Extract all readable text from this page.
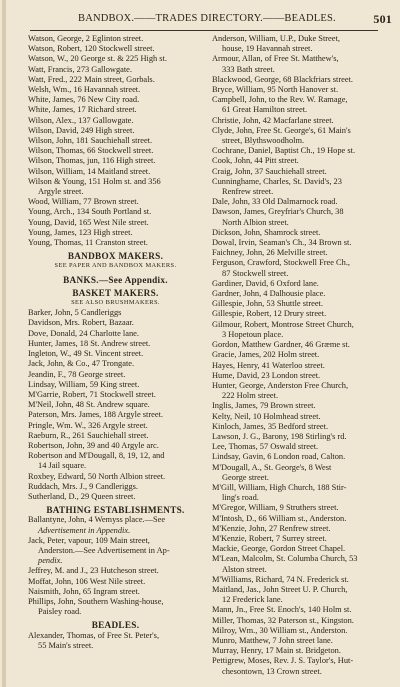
BANDBOX.——TRADES DIRECTORY.——BEADLES.	501
Watson, George, 2 Eglinton street.
Watson, Robert, 120 Stockwell street.
Watson, W., 20 George st. & 225 High st.
Watt, Francis, 273 Gallowgate.
Watt, Fred., 222 Main street, Gorbals.
Welsh, Wm., 16 Havannah street.
White, James, 76 New City road.
White, James, 17 Richard street.
Wilson, Alex., 137 Gallowgate.
Wilson, David, 249 High street.
Wilson, John, 181 Sauchiehall street.
Wilson, Thomas, 66 Stockwell street.
Wilson, Thomas, jun, 116 High street.
Wilson, William, 14 Maitland street.
Wilson & Young, 151 Holm st. and 356
Argyle street.
Wood, William, 77 Brown street.
Young, Arch., 134 South Portland st.
Young, David, 165 West Nile street.
Young, James, 123 High street.
Young, Thomas, 11 Cranston street.
BANDBOX MAKERS.
SEE PAPER AND BANDBOX MAKERS.
BANKS.—See Appendix.
BASKET MAKERS.
SEE ALSO BRUSHMAKERS.
Barker, John, 5 Candleriggs
Davidson, Mrs. Robert, Bazaar.
Dove, Donald, 24 Charlotte lane.
Hunter, James, 18 St. Andrew street.
Ingleton, W., 49 St. Vincent street.
Jack, John, & Co., 47 Trongate.
Jeandin, F., 78 George street.
Lindsay, William, 59 King street.
M'Garrie, Robert, 71 Stockwell street.
M'Neil, John, 48 St. Andrew square.
Paterson, Mrs. James, 188 Argyle street.
Pringle, Wm. W., 326 Argyle street.
Raeburn, R., 261 Sauchiehall street.
Robertson, John, 39 and 40 Argyle arc.
Robertson and M'Dougall, 8, 19, 12, and
14 Jail square.
Roxbey, Edward, 50 North Albion street.
Ruddach, Mrs. J., 9 Candleriggs.
Sutherland, D., 29 Queen street.
BATHING ESTABLISHMENTS.
Ballantyne, John, 4 Wemyss place.—See
Advertisement in Appendix.
Jack, Peter, vapour, 109 Main street,
Anderston.—See Advertisement in Ap-
pendix.
Jeffrey, M. and J., 23 Hutcheson street.
Moffat, John, 106 West Nile street.
Naismith, John, 65 Ingram street.
Phillips, John, Southern Washing-house,
Paisley road.
BEADLES.
Alexander, Thomas, of Free St. Peter's,
55 Main's street.
Anderson, William, U.P., Duke Street,
house, 19 Havannah street.
Armour, Allan, of Free St. Matthew's,
333 Bath street.
Blackwood, George, 68 Blackfriars street.
Bryce, William, 95 North Hanover st.
Campbell, John, to the Rev. W. Ramage,
61 Great Hamilton street.
Christie, John, 42 Macfarlane street.
Clyde, John, Free St. George's, 61 Main's
street, Blythswoodholm.
Cochrane, Daniel, Baptist Ch., 19 Hope st.
Cook, John, 44 Pitt street.
Craig, John, 37 Sauchiehall street.
Cunninghame, Charles, St. David's, 23
Renfrew street.
Dale, John, 33 Old Dalmarnock road.
Dawson, James, Greyfriar's Church, 38
North Albion street.
Dickson, John, Shamrock street.
Dowal, Irvin, Seaman's Ch., 34 Brown st.
Faichney, John, 26 Melville street.
Ferguson, Crawford, Stockwell Free Ch.,
87 Stockwell street.
Gardiner, David, 6 Oxford lane.
Gardner, John, 4 Dalhousie place.
Gillespie, John, 53 Shuttle street.
Gillespie, Robert, 12 Drury street.
Gilmour, Robert, Montrose Street Church,
3 Hopetoun place.
Gordon, Matthew Gardner, 46 Græme st.
Gracie, James, 202 Holm street.
Hayes, Henry, 41 Waterloo street.
Hume, David, 23 London street.
Hunter, George, Anderston Free Church,
222 Holm street.
Inglis, James, 79 Brown street.
Kelty, Neil, 10 Holmhead street.
Kinloch, James, 35 Bedford street.
Lawson, J. G., Barony, 198 Stirling's rd.
Lee, Thomas, 57 Oswald street.
Lindsay, Gavin, 6 London road, Calton.
M'Dougall, A., St. George's, 8 West
George street.
M'Gill, William, High Church, 188 Stir-
ling's road.
M'Gregor, William, 9 Struthers street.
M'Intosh, D., 66 William st., Anderston.
M'Kenzie, John, 27 Renfrew street.
M'Kenzie, Robert, 7 Surrey street.
Mackie, George, Gordon Street Chapel.
M'Lean, Malcolm, St. Columba Church, 53
Alston street.
M'Williams, Richard, 74 N. Frederick st.
Maitland, Jas., John Street U. P. Church,
12 Frederick lane.
Mann, Jn., Free St. Enoch's, 140 Holm st.
Miller, Thomas, 32 Paterson st., Kingston.
Milroy, Wm., 30 William st., Anderston.
Munro, Matthew, 7 John street lane.
Murray, Henry, 17 Main st. Bridgeton.
Pettigrew, Moses, Rev. J. S. Taylor's, Hut-
chesontown, 13 Crown street.
